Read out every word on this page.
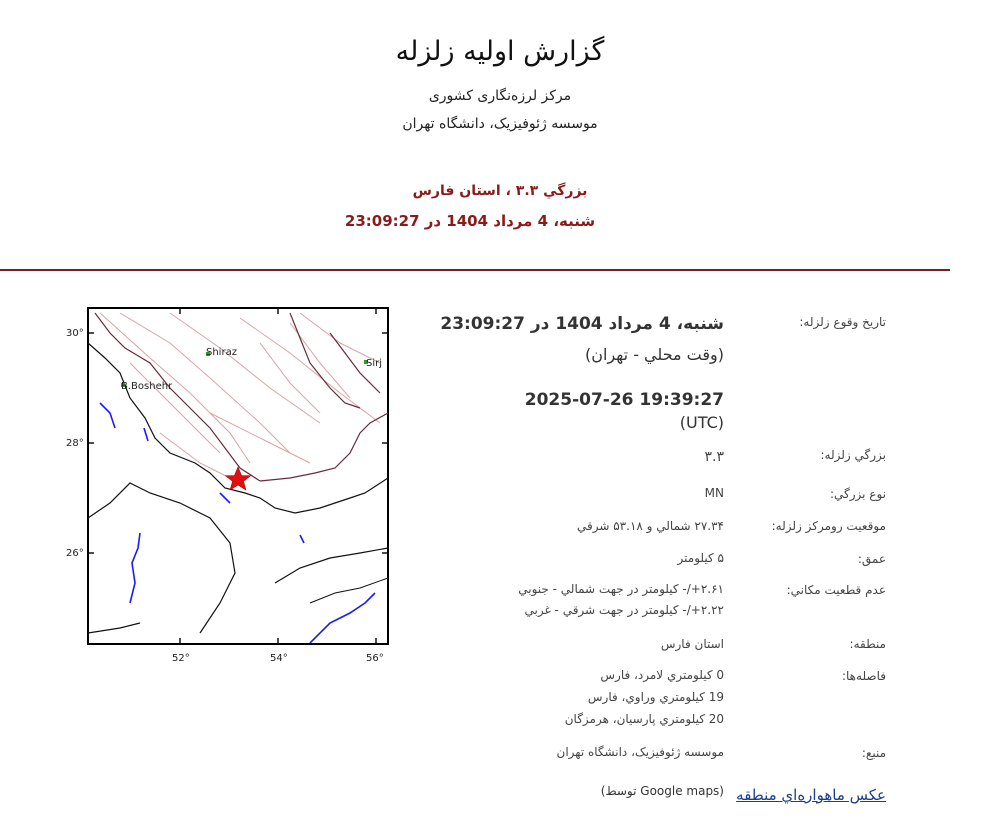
گزارش اوليه زلزله
مرکز لرزه‌نگاری کشوری
موسسه ژئوفیزیک، دانشگاه تهران
بزرگي ۳.۳ ، استان فارس
شنبه، 4 مرداد 1404 در 23:09:27
Shiraz
B.Boshehr
Sirj
30°
28°
26°
52°	54°	56°
تاريخ وقوع زلزله:
شنبه، 4 مرداد 1404 در 23:09:27
(وقت محلي - تهران)
2025-07-26 19:39:27
(UTC)
بزرگي زلزله:
۳.۳
نوع بزرگي:
MN
موقعيت رومركز زلزله:
۲۷.۳۴ شمالي و ۵۳.۱۸ شرقي
عمق:
۵ کيلومتر
عدم قطعيت مکاني:
۲.۶۱+/- كيلومتر در جهت شمالي - جنوبي
۲.۲۲+/- كيلومتر در جهت شرقي - غربي
منطقه:
استان فارس
فاصله‌ها:
0 كيلومتري لامرد، فارس
19 كيلومتري وراوي، فارس
20 كيلومتري پارسيان، هرمزگان
منبع:
موسسه ژئوفيزيک، دانشگاه تهران
عکس ماهواره‌اي منطقه
(توسط Google maps)
